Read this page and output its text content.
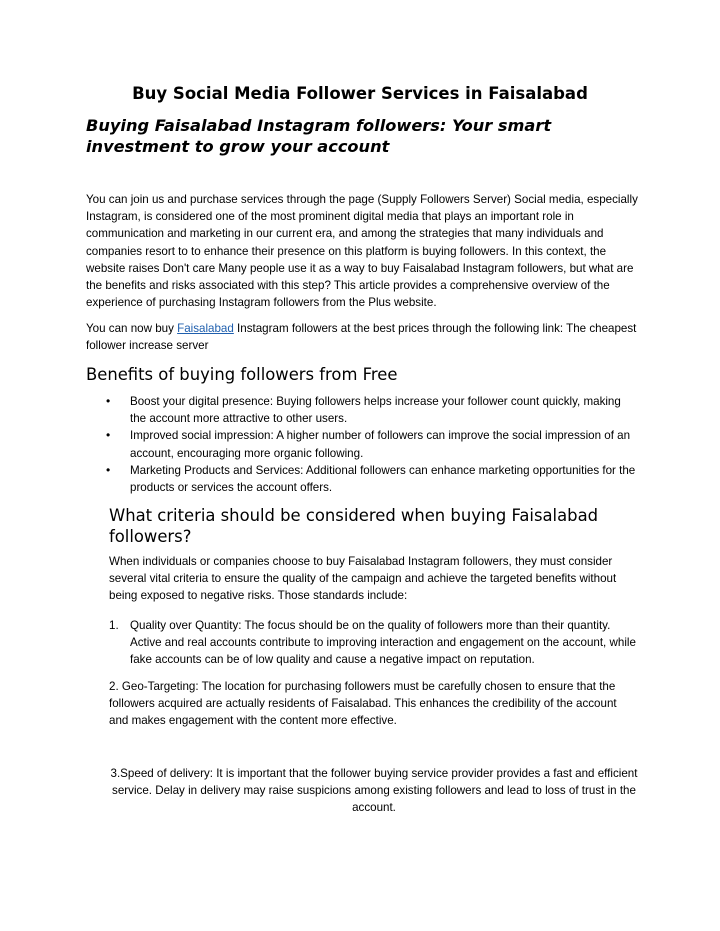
Buy Social Media Follower Services in Faisalabad
Buying Faisalabad Instagram followers: Your smart investment to grow your account

You can join us and purchase services through the page (Supply Followers Server) Social media, especially Instagram, is considered one of the most prominent digital media that plays an important role in communication and marketing in our current era, and among the strategies that many individuals and companies resort to to enhance their presence on this platform is buying followers. In this context, the website raises Don't care Many people use it as a way to buy Faisalabad Instagram followers, but what are the benefits and risks associated with this step? This article provides a comprehensive overview of the experience of purchasing Instagram followers from the Plus website.

You can now buy Faisalabad Instagram followers at the best prices through the following link: The cheapest follower increase server

Benefits of buying followers from Free
• Boost your digital presence: Buying followers helps increase your follower count quickly, making the account more attractive to other users.
• Improved social impression: A higher number of followers can improve the social impression of an account, encouraging more organic following.
• Marketing Products and Services: Additional followers can enhance marketing opportunities for the products or services the account offers.
What criteria should be considered when buying Faisalabad followers?

When individuals or companies choose to buy Faisalabad Instagram followers, they must consider several vital criteria to ensure the quality of the campaign and achieve the targeted benefits without being exposed to negative risks. Those standards include:

1. Quality over Quantity: The focus should be on the quality of followers more than their quantity. Active and real accounts contribute to improving interaction and engagement on the account, while fake accounts can be of low quality and cause a negative impact on reputation.

2. Geo-Targeting: The location for purchasing followers must be carefully chosen to ensure that the followers acquired are actually residents of Faisalabad. This enhances the credibility of the account and makes engagement with the content more effective.

3.Speed of delivery: It is important that the follower buying service provider provides a fast and efficient service. Delay in delivery may raise suspicions among existing followers and lead to loss of trust in the account.
